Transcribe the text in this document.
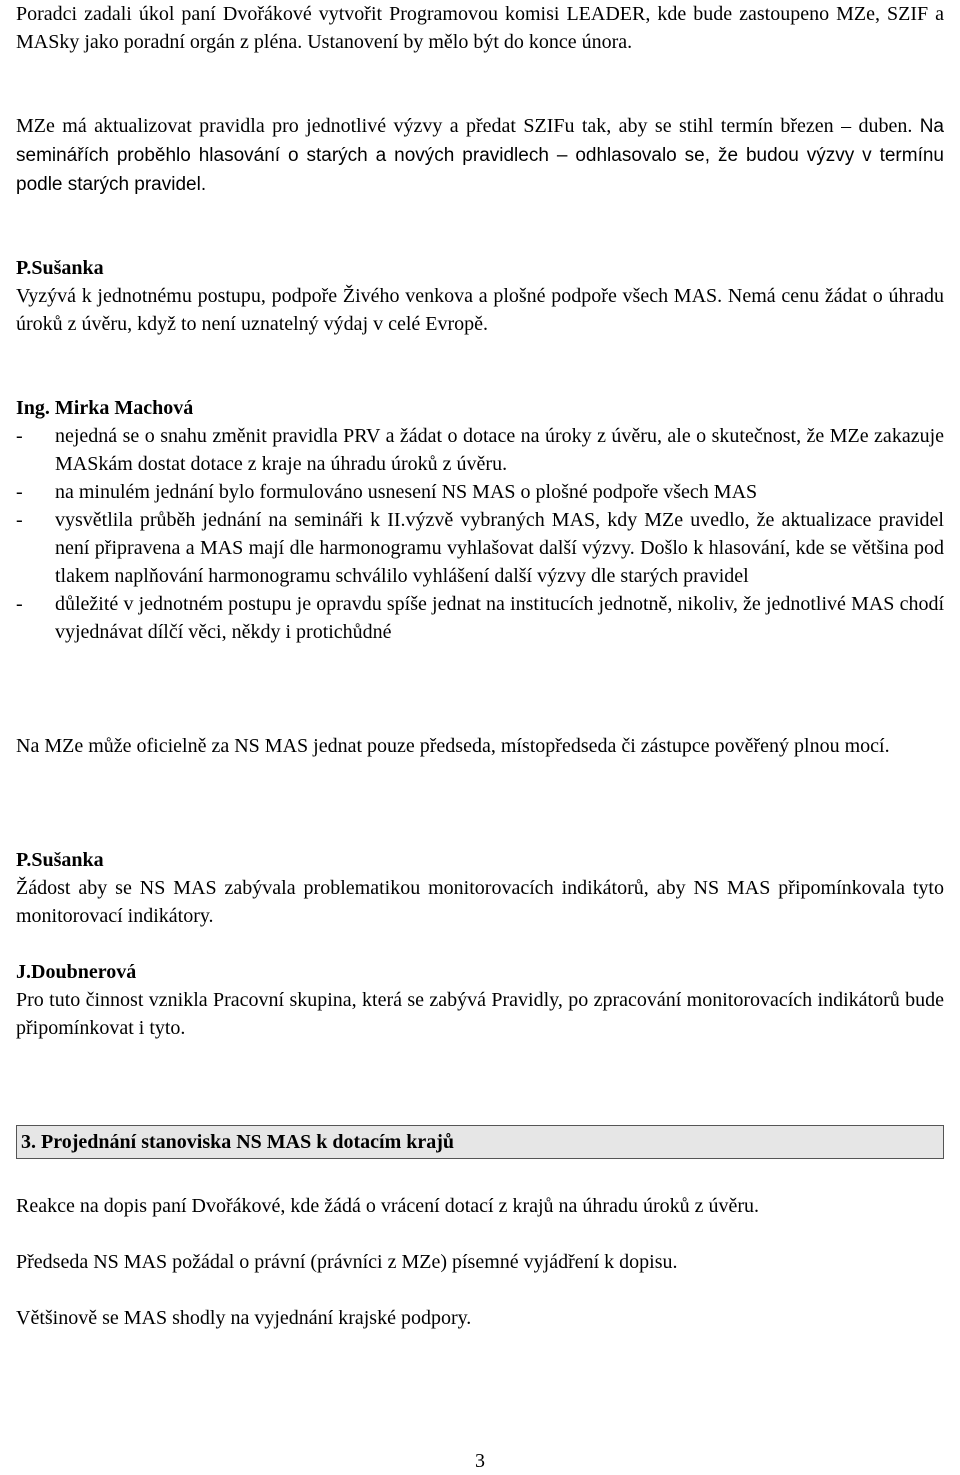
Poradci zadali úkol paní Dvořákové vytvořit Programovou komisi LEADER, kde bude zastoupeno MZe, SZIF a MASky jako poradní orgán z pléna. Ustanovení by mělo být do konce února.

MZe má aktualizovat pravidla pro jednotlivé výzvy a předat SZIFu tak, aby se stihl termín březen – duben. Na seminářích proběhlo hlasování o starých a nových pravidlech – odhlasovalo se, že budou výzvy v termínu podle starých pravidel.

P.Sušanka
Vyzývá k jednotnému postupu, podpoře Živého venkova a plošné podpoře všech MAS. Nemá cenu žádat o úhradu úroků z úvěru, když to není uznatelný výdaj v celé Evropě.
Ing. Mirka Machová
- nejedná se o snahu změnit pravidla PRV a žádat o dotace na úroky z úvěru, ale o skutečnost, že MZe zakazuje MASkám dostat dotace z kraje na úhradu úroků z úvěru.
- na minulém jednání bylo formulováno usnesení NS MAS o plošné podpoře všech MAS
- vysvětlila průběh jednání na semináři k II.výzvě vybraných MAS, kdy MZe uvedlo, že aktualizace pravidel není připravena a MAS mají dle harmonogramu vyhlašovat další výzvy. Došlo k hlasování, kde se většina pod tlakem naplňování harmonogramu schválilo vyhlášení další výzvy dle starých pravidel
- důležité v jednotném postupu je opravdu spíše jednat na institucích jednotně, nikoliv, že jednotlivé MAS chodí vyjednávat dílčí věci, někdy i protichůdné

Na MZe může oficielně za NS MAS jednat pouze předseda, místopředseda či zástupce pověřený plnou mocí.

P.Sušanka
Žádost aby se NS MAS zabývala problematikou monitorovacích indikátorů, aby NS MAS připomínkovala tyto monitorovací indikátory.
J.Doubnerová
Pro tuto činnost vznikla Pracovní skupina, která se zabývá Pravidly, po zpracování monitorovacích indikátorů bude připomínkovat i tyto.
3. Projednání stanoviska NS MAS k dotacím krajů

Reakce na dopis paní Dvořákové, kde žádá o vrácení dotací z krajů na úhradu úroků z úvěru.

Předseda NS MAS požádal o právní (právníci z MZe) písemné vyjádření k dopisu.

Většinově se MAS shodly na vyjednání krajské podpory.

3
